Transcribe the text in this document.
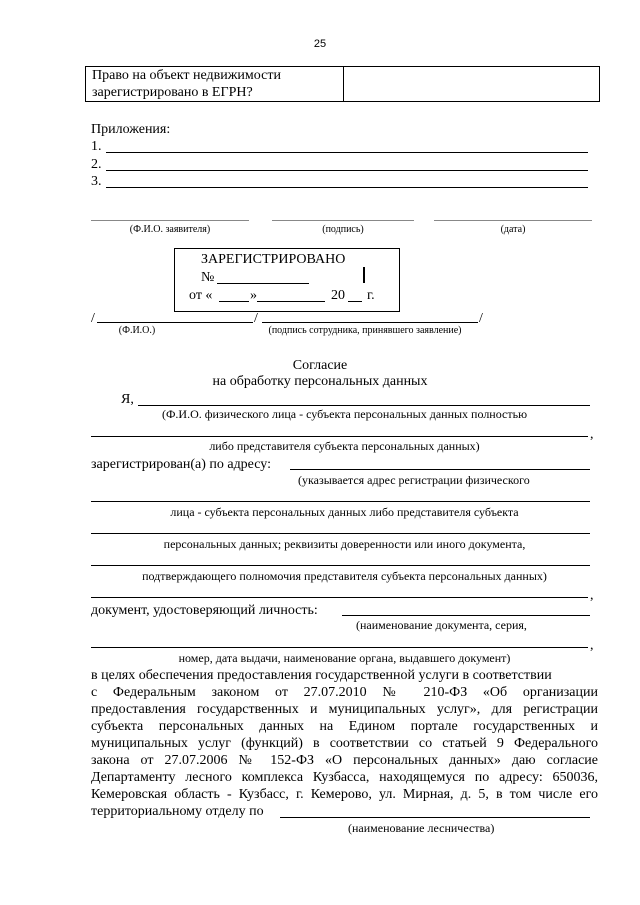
25
Право на объект недвижимости зарегистрировано в ЕГРН?	
Приложения:
1.
2.
3.
(Ф.И.О. заявителя)	(подпись)	(дата)
ЗАРЕГИСТРИРОВАНО
№
от «	»	20 г.
/	/	/
(Ф.И.О.)	(подпись сотрудника, принявшего заявление)
Согласие
на обработку персональных данных
Я,
(Ф.И.О. физического лица - субъекта персональных данных полностью
,
либо представителя субъекта персональных данных)
зарегистрирован(а) по адресу:
(указывается адрес регистрации физического
лица - субъекта персональных данных либо представителя субъекта
персональных данных; реквизиты доверенности или иного документа,
подтверждающего полномочия представителя субъекта персональных данных)
,
документ, удостоверяющий личность:
(наименование документа, серия,
,
номер, дата выдачи, наименование органа, выдавшего документ)
в целях обеспечения предоставления государственной услуги в соответствии
с Федеральным законом от 27.07.2010 № 210-ФЗ «Об организации
предоставления государственных и муниципальных услуг», для регистрации
субъекта персональных данных на Едином портале государственных и
муниципальных услуг (функций) в соответствии со статьей 9 Федерального
закона от 27.07.2006 № 152-ФЗ «О персональных данных» даю согласие
Департаменту лесного комплекса Кузбасса, находящемуся по адресу: 650036,
Кемеровская область - Кузбасс, г. Кемерово, ул. Мирная, д. 5, в том числе его
территориальному отделу по
(наименование лесничества)
